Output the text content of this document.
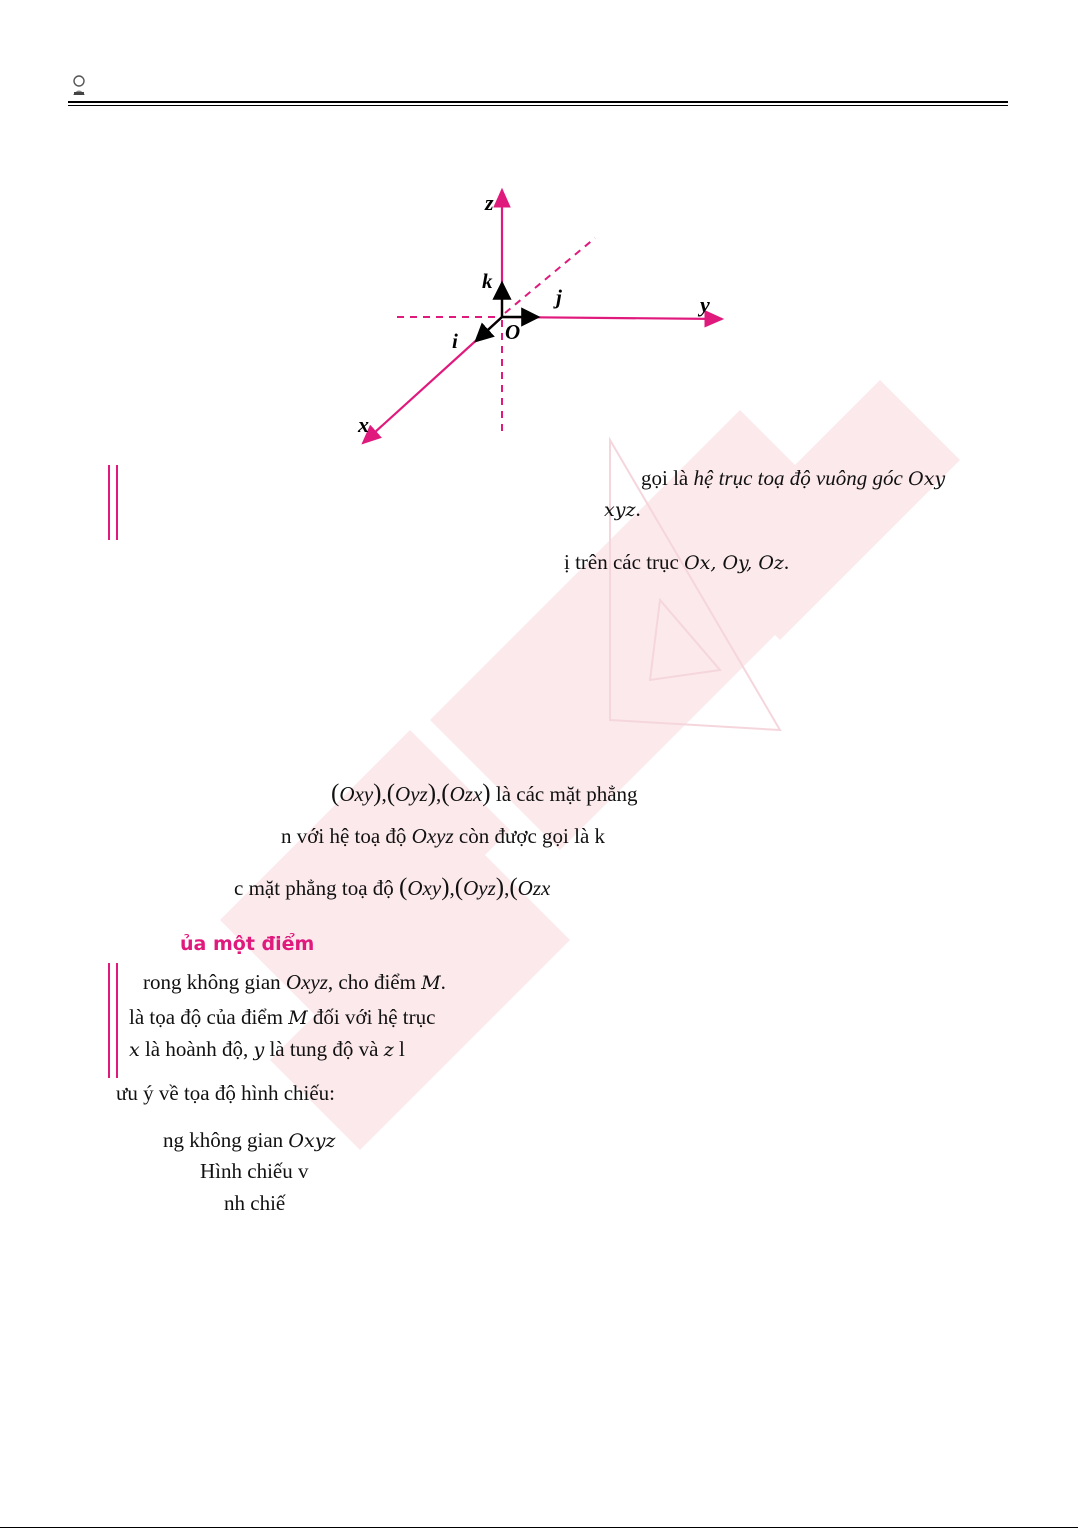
z
y
x
k
j
i O
gọi là hệ trục toạ độ vuông góc Oxy
xyz.
ị trên các trục Ox, Oy, Oz.
(Oxy),(Oyz),(Ozx) là các mặt phẳng
n với hệ toạ độ Oxyz còn được gọi là k
c mặt phẳng toạ độ (Oxy),(Oyz),(Ozx
ủa một điểm
rong không gian Oxyz, cho điểm M.
là tọa độ của điểm M đối với hệ trục
x là hoành độ, y là tung độ và z l
ưu ý về tọa độ hình chiếu:
ng không gian Oxyz
Hình chiếu v
nh chiế
